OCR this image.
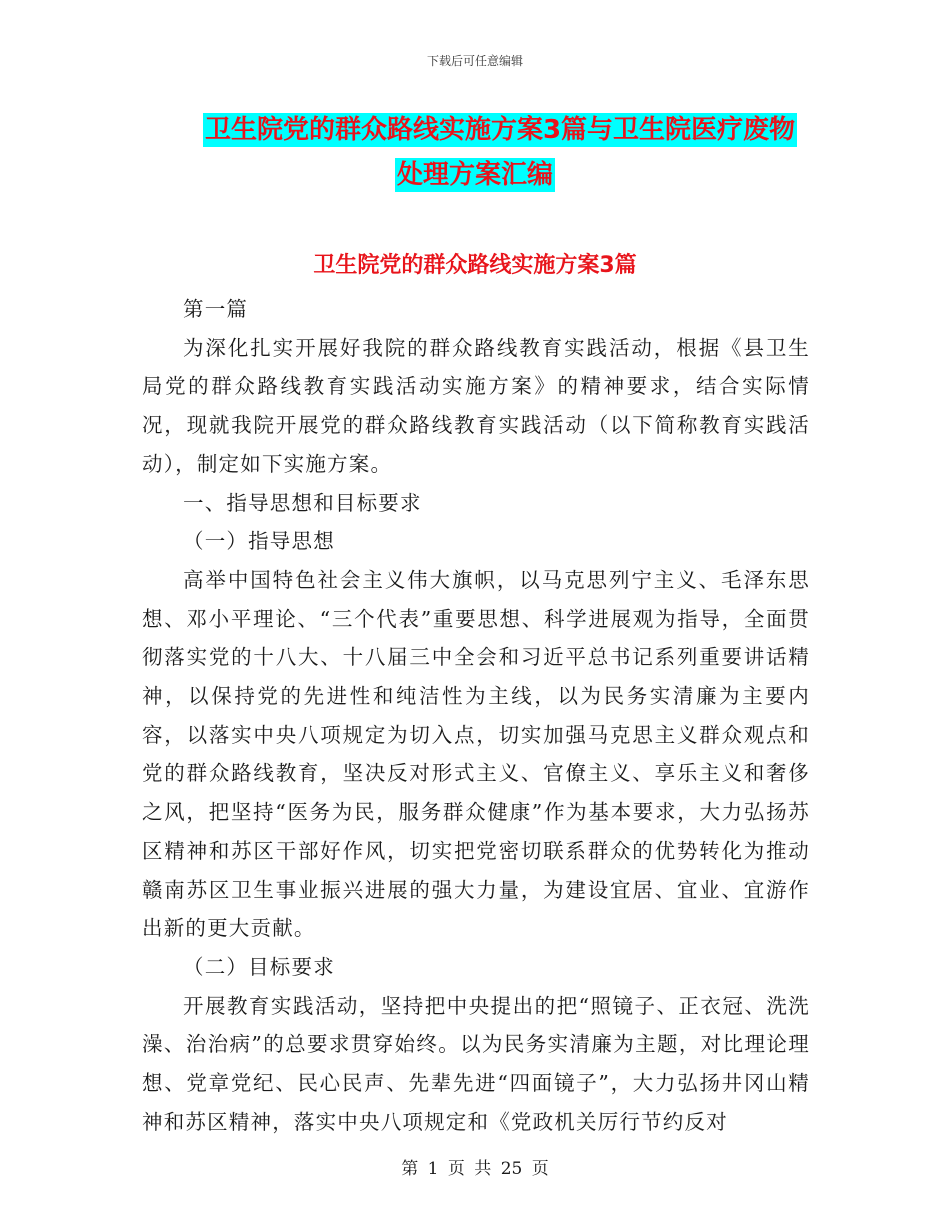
下载后可任意编辑
卫生院党的群众路线实施方案3篇与卫生院医疗废物
处理方案汇编
卫生院党的群众路线实施方案3篇

第一篇

为深化扎实开展好我院的群众路线教育实践活动，根据《县卫生局党的群众路线教育实践活动实施方案》的精神要求，结合实际情况，现就我院开展党的群众路线教育实践活动（以下简称教育实践活动），制定如下实施方案。

一、指导思想和目标要求

（一）指导思想

高举中国特色社会主义伟大旗帜，以马克思列宁主义、毛泽东思想、邓小平理论、“三个代表”重要思想、科学进展观为指导，全面贯彻落实党的十八大、十八届三中全会和习近平总书记系列重要讲话精神，以保持党的先进性和纯洁性为主线，以为民务实清廉为主要内容，以落实中央八项规定为切入点，切实加强马克思主义群众观点和党的群众路线教育，坚决反对形式主义、官僚主义、享乐主义和奢侈之风，把坚持“医务为民，服务群众健康”作为基本要求，大力弘扬苏区精神和苏区干部好作风，切实把党密切联系群众的优势转化为推动赣南苏区卫生事业振兴进展的强大力量，为建设宜居、宜业、宜游作出新的更大贡献。

（二）目标要求

开展教育实践活动，坚持把中央提出的把“照镜子、正衣冠、洗洗澡、治治病”的总要求贯穿始终。以为民务实清廉为主题，对比理论理想、党章党纪、民心民声、先辈先进“四面镜子”，大力弘扬井冈山精神和苏区精神，落实中央八项规定和《党政机关厉行节约反对

第 1 页 共 25 页
